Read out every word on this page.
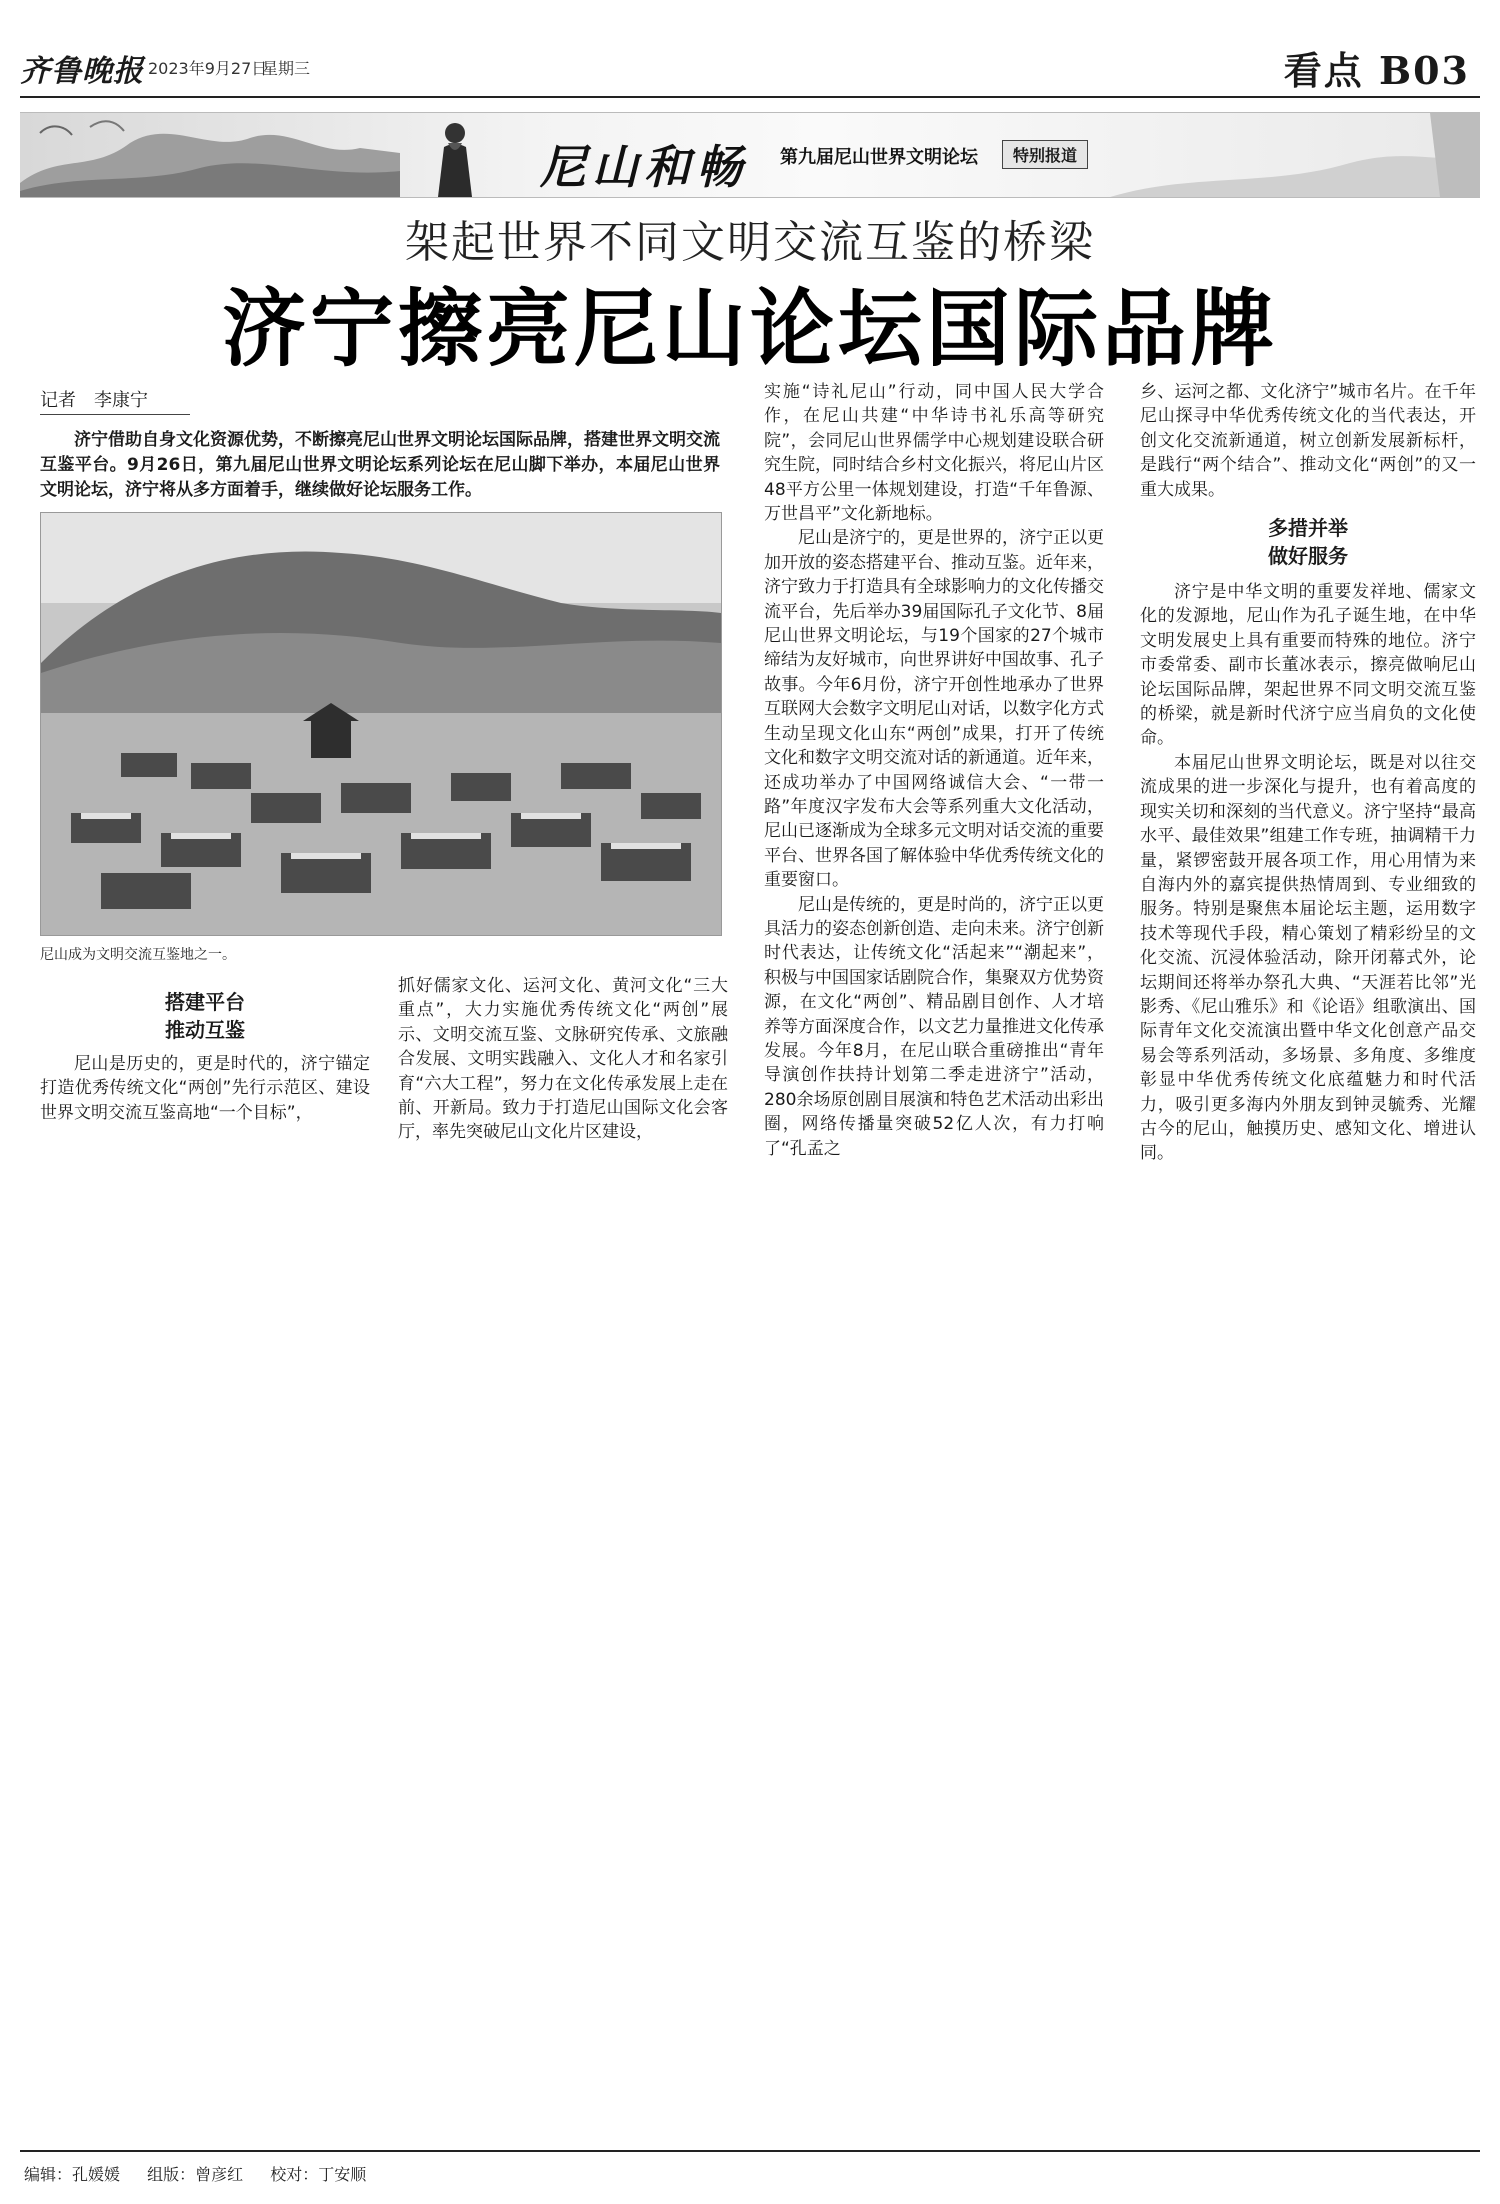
齐鲁晚报 2023年9月27日
星期三	看点 B03
尼山和畅 第九届尼山世界文明论坛	特别报道
架起世界不同文明交流互鉴的桥梁
济宁擦亮尼山论坛国际品牌
记者　李康宁
济宁借助自身文化资源优势，不断擦亮尼山世界文明论坛国际品牌，搭建世界文明交流互鉴平台。9月26日，第九届尼山世界文明论坛系列论坛在尼山脚下举办，本届尼山世界文明论坛，济宁将从多方面着手，继续做好论坛服务工作。
尼山成为文明交流互鉴地之一。
搭建平台
推动互鉴

尼山是历史的，更是时代的，济宁锚定打造优秀传统文化“两创”先行示范区、建设世界文明交流互鉴高地“一个目标”，

抓好儒家文化、运河文化、黄河文化“三大重点”，大力实施优秀传统文化“两创”展示、文明交流互鉴、文脉研究传承、文旅融合发展、文明实践融入、文化人才和名家引育“六大工程”，努力在文化传承发展上走在前、开新局。致力于打造尼山国际文化会客厅，率先突破尼山文化片区建设，

实施“诗礼尼山”行动，同中国人民大学合作，在尼山共建“中华诗书礼乐高等研究院”，会同尼山世界儒学中心规划建设联合研究生院，同时结合乡村文化振兴，将尼山片区48平方公里一体规划建设，打造“千年鲁源、万世昌平”文化新地标。

尼山是济宁的，更是世界的，济宁正以更加开放的姿态搭建平台、推动互鉴。近年来，济宁致力于打造具有全球影响力的文化传播交流平台，先后举办39届国际孔子文化节、8届尼山世界文明论坛，与19个国家的27个城市缔结为友好城市，向世界讲好中国故事、孔子故事。今年6月份，济宁开创性地承办了世界互联网大会数字文明尼山对话，以数字化方式生动呈现文化山东“两创”成果，打开了传统文化和数字文明交流对话的新通道。近年来，还成功举办了中国网络诚信大会、“一带一路”年度汉字发布大会等系列重大文化活动，尼山已逐渐成为全球多元文明对话交流的重要平台、世界各国了解体验中华优秀传统文化的重要窗口。

尼山是传统的，更是时尚的，济宁正以更具活力的姿态创新创造、走向未来。济宁创新时代表达，让传统文化“活起来”“潮起来”，积极与中国国家话剧院合作，集聚双方优势资源，在文化“两创”、精品剧目创作、人才培养等方面深度合作，以文艺力量推进文化传承发展。今年8月，在尼山联合重磅推出“青年导演创作扶持计划第二季走进济宁”活动，280余场原创剧目展演和特色艺术活动出彩出圈，网络传播量突破52亿人次，有力打响了“孔孟之

乡、运河之都、文化济宁”城市名片。在千年尼山探寻中华优秀传统文化的当代表达，开创文化交流新通道，树立创新发展新标杆，是践行“两个结合”、推动文化“两创”的又一重大成果。

多措并举
做好服务

济宁是中华文明的重要发祥地、儒家文化的发源地，尼山作为孔子诞生地，在中华文明发展史上具有重要而特殊的地位。济宁市委常委、副市长董冰表示，擦亮做响尼山论坛国际品牌，架起世界不同文明交流互鉴的桥梁，就是新时代济宁应当肩负的文化使命。

本届尼山世界文明论坛，既是对以往交流成果的进一步深化与提升，也有着高度的现实关切和深刻的当代意义。济宁坚持“最高水平、最佳效果”组建工作专班，抽调精干力量，紧锣密鼓开展各项工作，用心用情为来自海内外的嘉宾提供热情周到、专业细致的服务。特别是聚焦本届论坛主题，运用数字技术等现代手段，精心策划了精彩纷呈的文化交流、沉浸体验活动，除开闭幕式外，论坛期间还将举办祭孔大典、“天涯若比邻”光影秀、《尼山雅乐》和《论语》组歌演出、国际青年文化交流演出暨中华文化创意产品交易会等系列活动，多场景、多角度、多维度彰显中华优秀传统文化底蕴魅力和时代活力，吸引更多海内外朋友到钟灵毓秀、光耀古今的尼山，触摸历史、感知文化、增进认同。

编辑：孔媛媛 组版：曾彦红 校对：丁安顺
